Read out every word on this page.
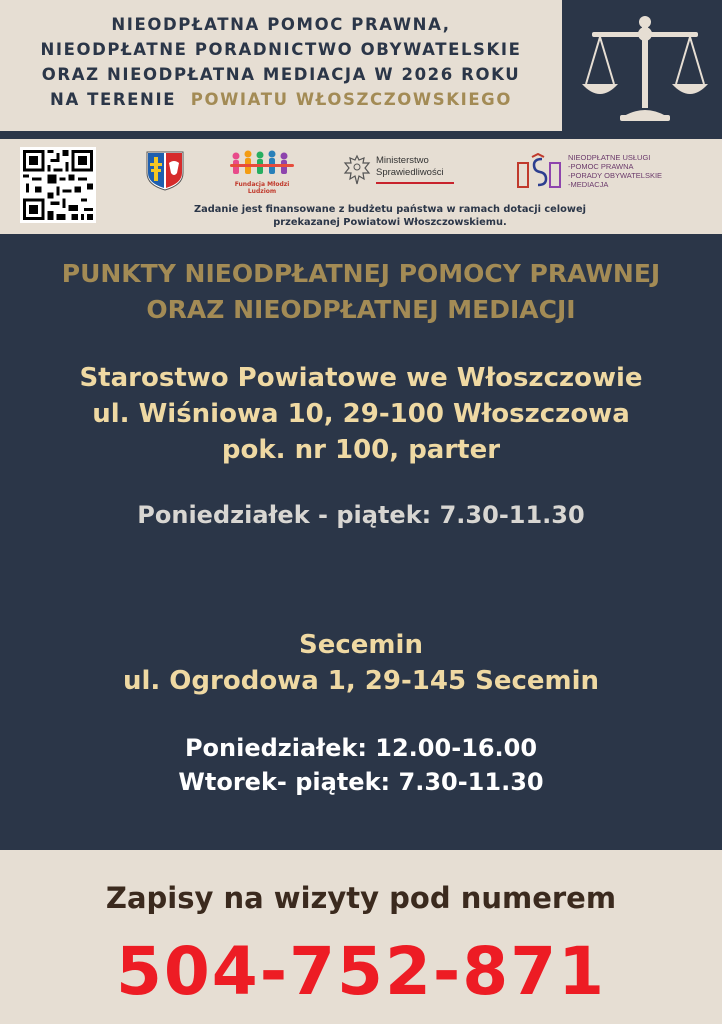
NIEODPŁATNA POMOC PRAWNA,
NIEODPŁATNE PORADNICTWO OBYWATELSKIE
ORAZ NIEODPŁATNA MEDIACJA W 2026 ROKU
NA TERENIE POWIATU WŁOSZCZOWSKIEGO
Fundacja Młodzi Ludziom
Ministerstwo
Sprawiedliwości
NIEODPŁATNE USŁUGI
-POMOC PRAWNA
-PORADY OBYWATELSKIE
-MEDIACJA
Zadanie jest finansowane z budżetu państwa w ramach dotacji celowej
przekazanej Powiatowi Włoszczowskiemu.
PUNKTY NIEODPŁATNEJ POMOCY PRAWNEJ
ORAZ NIEODPŁATNEJ MEDIACJI
Starostwo Powiatowe we Włoszczowie
ul. Wiśniowa 10, 29-100 Włoszczowa
pok. nr 100, parter
Poniedziałek - piątek: 7.30-11.30
Secemin
ul. Ogrodowa 1, 29-145 Secemin
Poniedziałek: 12.00-16.00
Wtorek- piątek: 7.30-11.30
Zapisy na wizyty pod numerem
504-752-871
